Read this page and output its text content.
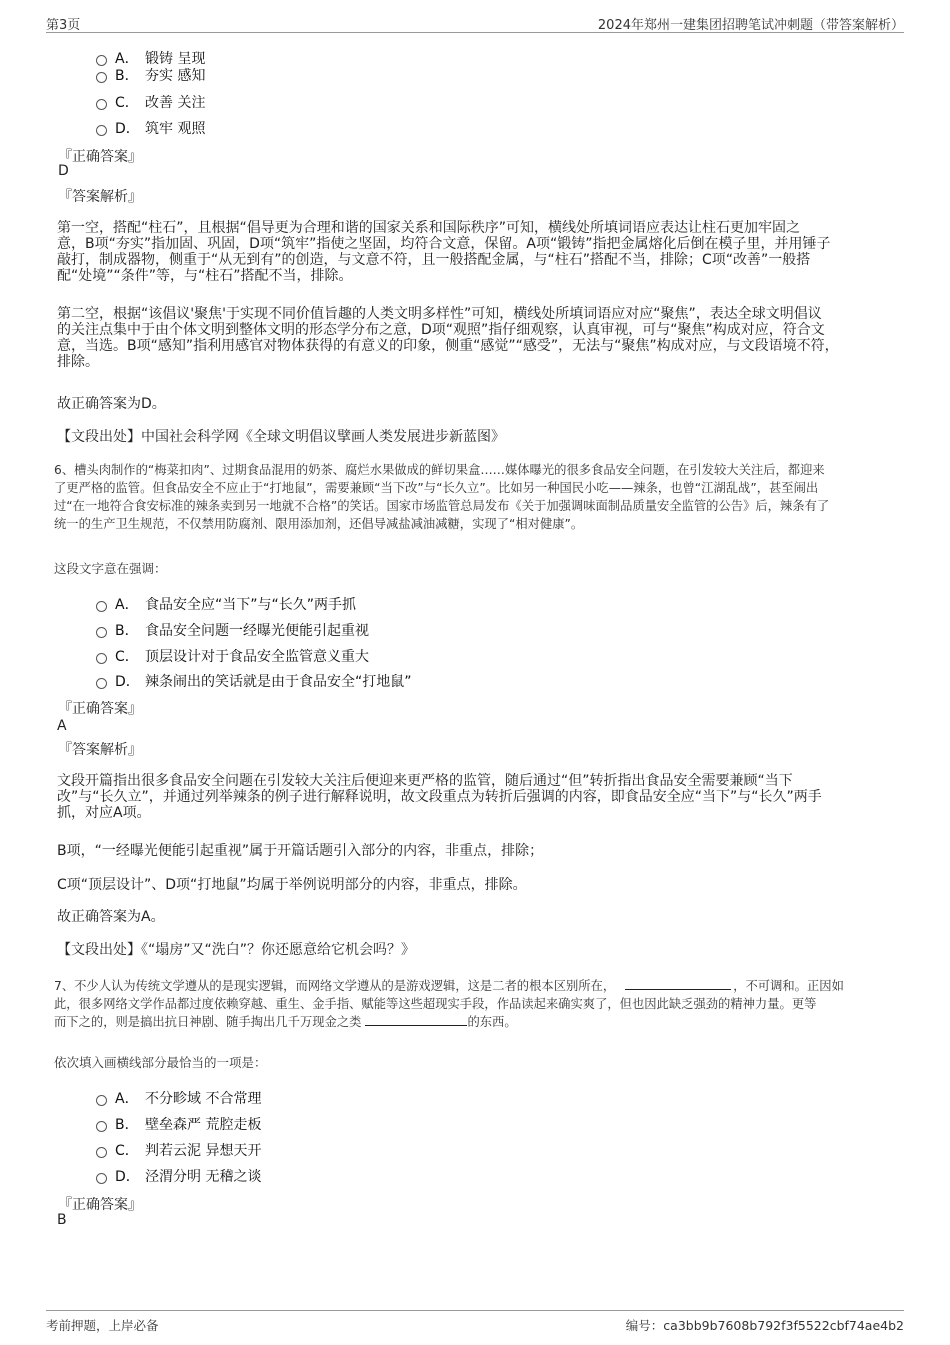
第3页	2024年郑州一建集团招聘笔试冲刺题（带答案解析）
A． 锻铸 呈现
B． 夯实 感知
C． 改善 关注
D． 筑牢 观照
『正确答案』
D
『答案解析』
第一空，搭配“柱石”，且根据“倡导更为合理和谐的国家关系和国际秩序”可知，横线处所填词语应表达让柱石更加牢固之
意，B项“夯实”指加固、巩固，D项“筑牢”指使之坚固，均符合文意，保留。A项“锻铸”指把金属熔化后倒在模子里，并用锤子
敲打，制成器物，侧重于“从无到有”的创造，与文意不符，且一般搭配金属，与“柱石”搭配不当，排除；C项“改善”一般搭
配“处境”“条件”等，与“柱石”搭配不当，排除。
第二空，根据“该倡议'聚焦'于实现不同价值旨趣的人类文明多样性”可知，横线处所填词语应对应“聚焦”，表达全球文明倡议
的关注点集中于由个体文明到整体文明的形态学分布之意，D项“观照”指仔细观察，认真审视，可与“聚焦”构成对应，符合文
意，当选。B项“感知”指利用感官对物体获得的有意义的印象，侧重“感觉”“感受”，无法与“聚焦”构成对应，与文段语境不符，
排除。
故正确答案为D。
【文段出处】中国社会科学网《全球文明倡议擘画人类发展进步新蓝图》
6、槽头肉制作的“梅菜扣肉”、过期食品混用的奶茶、腐烂水果做成的鲜切果盒……媒体曝光的很多食品安全问题，在引发较大关注后，都迎来
了更严格的监管。但食品安全不应止于“打地鼠”，需要兼顾“当下改”与“长久立”。比如另一种国民小吃——辣条，也曾“江湖乱战”，甚至闹出
过“在一地符合食安标准的辣条卖到另一地就不合格”的笑话。国家市场监管总局发布《关于加强调味面制品质量安全监管的公告》后，辣条有了
统一的生产卫生规范，不仅禁用防腐剂、限用添加剂，还倡导减盐减油减糖，实现了“相对健康”。
这段文字意在强调：
A． 食品安全应“当下”与“长久”两手抓
B． 食品安全问题一经曝光便能引起重视
C． 顶层设计对于食品安全监管意义重大
D． 辣条闹出的笑话就是由于食品安全“打地鼠”
『正确答案』
A
『答案解析』
文段开篇指出很多食品安全问题在引发较大关注后便迎来更严格的监管，随后通过“但”转折指出食品安全需要兼顾“当下
改”与“长久立”，并通过列举辣条的例子进行解释说明，故文段重点为转折后强调的内容，即食品安全应“当下”与“长久”两手
抓，对应A项。
B项，“一经曝光便能引起重视”属于开篇话题引入部分的内容，非重点，排除；
C项“顶层设计”、D项“打地鼠”均属于举例说明部分的内容，非重点，排除。
故正确答案为A。
【文段出处】《“塌房”又“洗白”？你还愿意给它机会吗？》
7、不少人认为传统文学遵从的是现实逻辑，而网络文学遵从的是游戏逻辑，这是二者的根本区别所在，	，不可调和。正因如
此，很多网络文学作品都过度依赖穿越、重生、金手指、赋能等这些超现实手段，作品读起来确实爽了，但也因此缺乏强劲的精神力量。更等
而下之的，则是搞出抗日神剧、随手掏出几千万现金之类	的东西。
依次填入画横线部分最恰当的一项是：
A． 不分畛域 不合常理
B． 壁垒森严 荒腔走板
C． 判若云泥 异想天开
D． 泾渭分明 无稽之谈
『正确答案』
B
考前押题，上岸必备	编号：ca3bb9b7608b792f3f5522cbf74ae4b2
